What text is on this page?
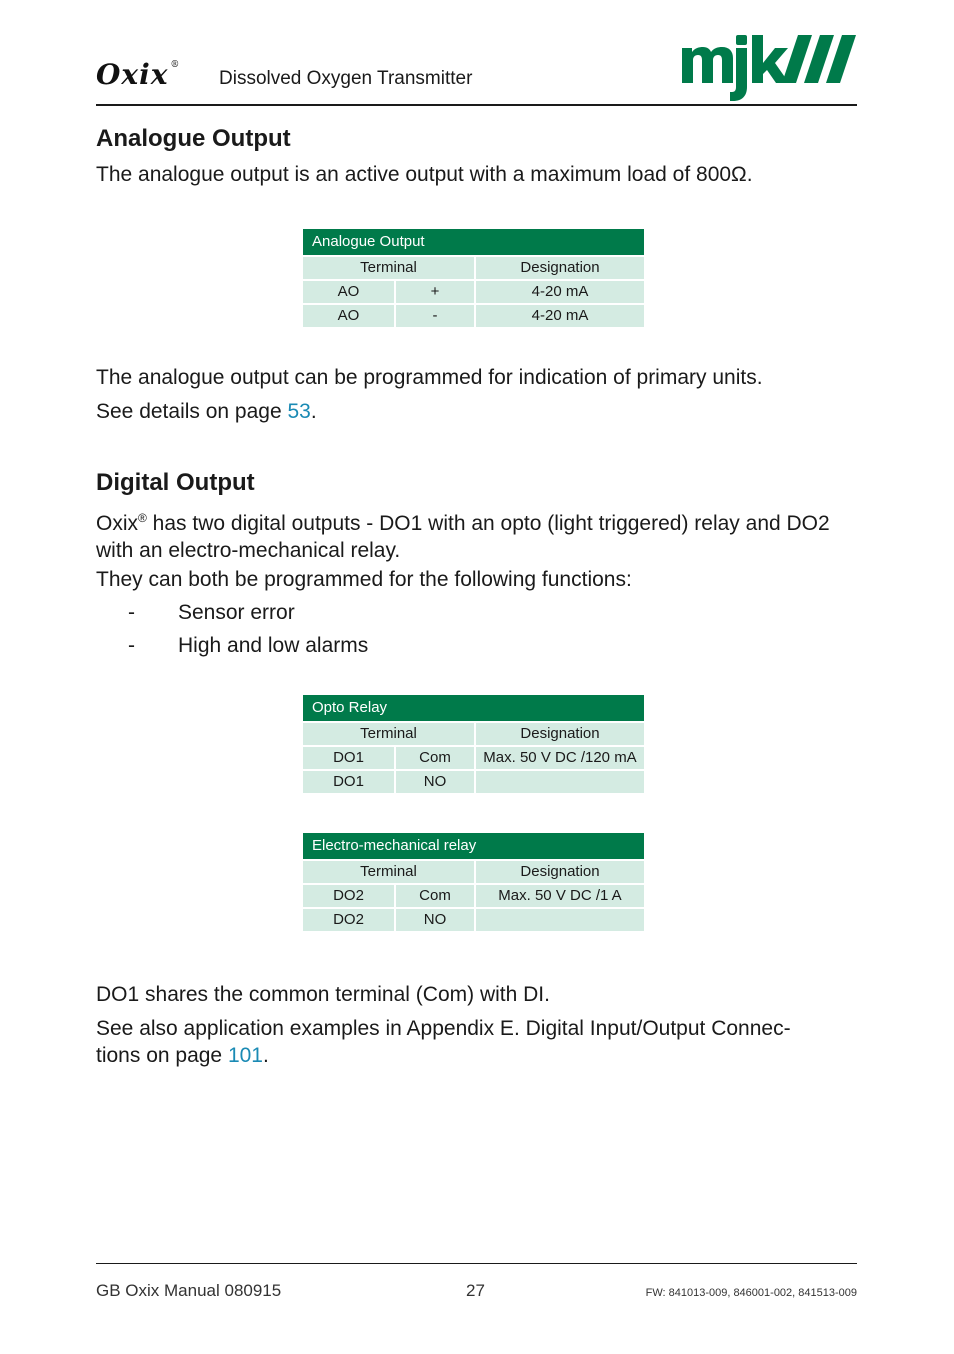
Oxix ®
Dissolved Oxygen Transmitter
Analogue Output

The analogue output is an active output with a maximum load of 800Ω.

Analogue Output
Terminal	Designation
AO	+	4-20 mA
AO	-	4-20 mA

The analogue output can be programmed for indication of primary units.

See details on page 53.

Digital Output

Oxix® has two digital outputs - DO1 with an opto (light triggered) relay and DO2 with an electro-mechanical relay.

They can both be programmed for the following functions:

- Sensor error
- High and low alarms
Opto Relay
Terminal	Designation
DO1	Com	Max. 50 V DC /120 mA
DO1	NO
Electro-mechanical relay
Terminal	Designation
DO2	Com	Max. 50 V DC /1 A
DO2	NO

DO1 shares the common terminal (Com) with DI.

See also application examples in Appendix E. Digital Input/Output Connec-

tions on page 101.

GB Oxix Manual 080915	27	FW: 841013-009, 846001-002, 841513-009
